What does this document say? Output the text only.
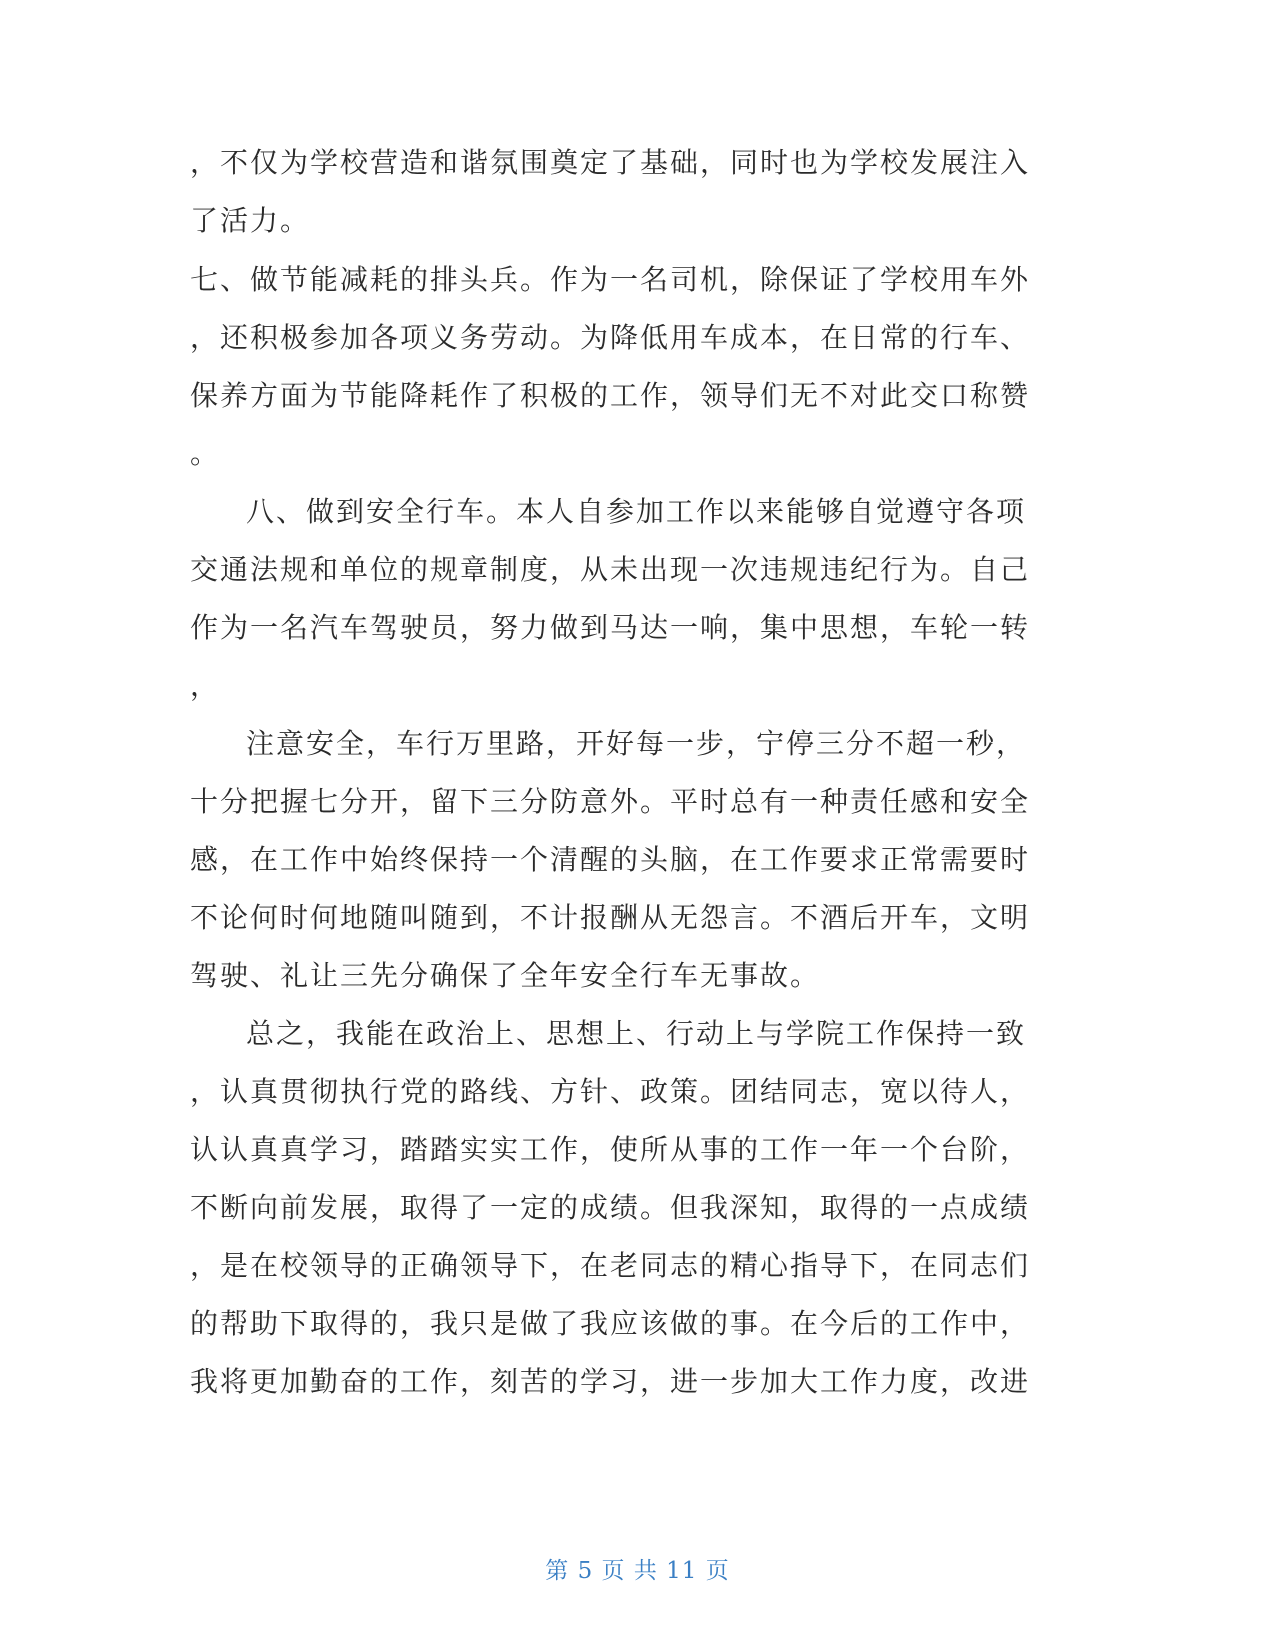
，不仅为学校营造和谐氛围奠定了基础，同时也为学校发展注入
了活力。
七、做节能减耗的排头兵。作为一名司机，除保证了学校用车外
，还积极参加各项义务劳动。为降低用车成本，在日常的行车、
保养方面为节能降耗作了积极的工作，领导们无不对此交口称赞
。
八、做到安全行车。本人自参加工作以来能够自觉遵守各项
交通法规和单位的规章制度，从未出现一次违规违纪行为。自己
作为一名汽车驾驶员，努力做到马达一响，集中思想，车轮一转
，
注意安全，车行万里路，开好每一步，宁停三分不超一秒，
十分把握七分开，留下三分防意外。平时总有一种责任感和安全
感，在工作中始终保持一个清醒的头脑，在工作要求正常需要时
不论何时何地随叫随到，不计报酬从无怨言。不酒后开车，文明
驾驶、礼让三先分确保了全年安全行车无事故。
总之，我能在政治上、思想上、行动上与学院工作保持一致
，认真贯彻执行党的路线、方针、政策。团结同志，宽以待人，
认认真真学习，踏踏实实工作，使所从事的工作一年一个台阶，
不断向前发展，取得了一定的成绩。但我深知，取得的一点成绩
，是在校领导的正确领导下，在老同志的精心指导下，在同志们
的帮助下取得的，我只是做了我应该做的事。在今后的工作中，
我将更加勤奋的工作，刻苦的学习，进一步加大工作力度，改进
第 5 页 共 11 页
